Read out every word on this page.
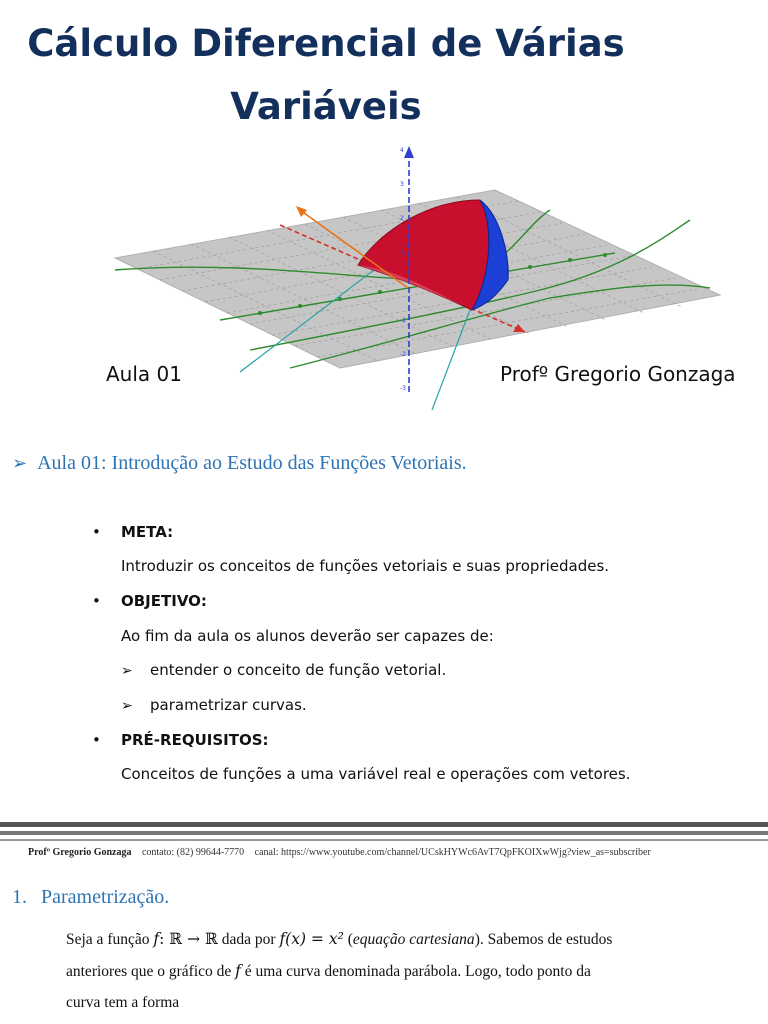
Cálculo Diferencial de Várias
Variáveis
4
3
2
1
-1
-2
-3
Aula 01	Profº Gregorio Gonzaga
➢ Aula 01: Introdução ao Estudo das Funções Vetoriais.
• META:
Introduzir os conceitos de funções vetoriais e suas propriedades.
• OBJETIVO:
Ao fim da aula os alunos deverão ser capazes de:
➢ entender o conceito de função vetorial.
➢ parametrizar curvas.
• PRÉ-REQUISITOS:
Conceitos de funções a uma variável real e operações com vetores.
Profº Gregorio Gonzaga contato: (82) 99644-7770 canal: https://www.youtube.com/channel/UCskHYWc6AvT7QpFKOIXwWjg?view_as=subscriber
1. Parametrização.
Seja a função f: ℝ → ℝ dada por f(x) = x² (equação cartesiana). Sabemos de estudos
anteriores que o gráfico de f é uma curva denominada parábola. Logo, todo ponto da
curva tem a forma
